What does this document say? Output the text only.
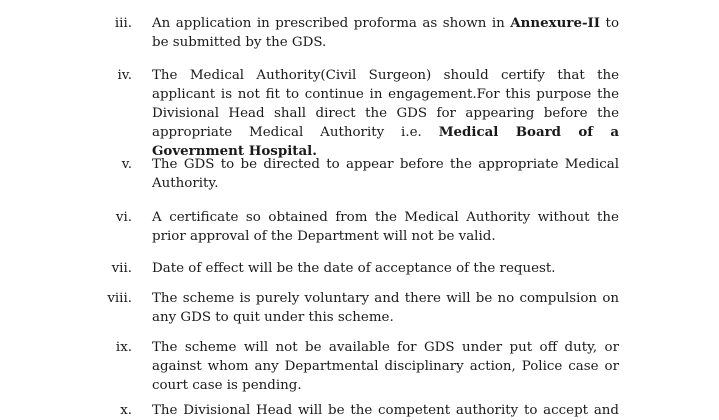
iii. An application in prescribed proforma as shown in Annexure-II to be submitted by the GDS.
iv. The Medical Authority(Civil Surgeon) should certify that the applicant is not fit to continue in engagement.For this purpose the Divisional Head shall direct the GDS for appearing before the appropriate Medical Authority i.e. Medical Board of a Government Hospital.
v. The GDS to be directed to appear before the appropriate Medical Authority.
vi. A certificate so obtained from the Medical Authority without the prior approval of the Department will not be valid.
vii. Date of effect will be the date of acceptance of the request.
viii. The scheme is purely voluntary and there will be no compulsion on any GDS to quit under this scheme.
ix. The scheme will not be available for GDS under put off duty, or against whom any Departmental disciplinary action, Police case or court case is pending.
x. The Divisional Head will be the competent authority to accept and
